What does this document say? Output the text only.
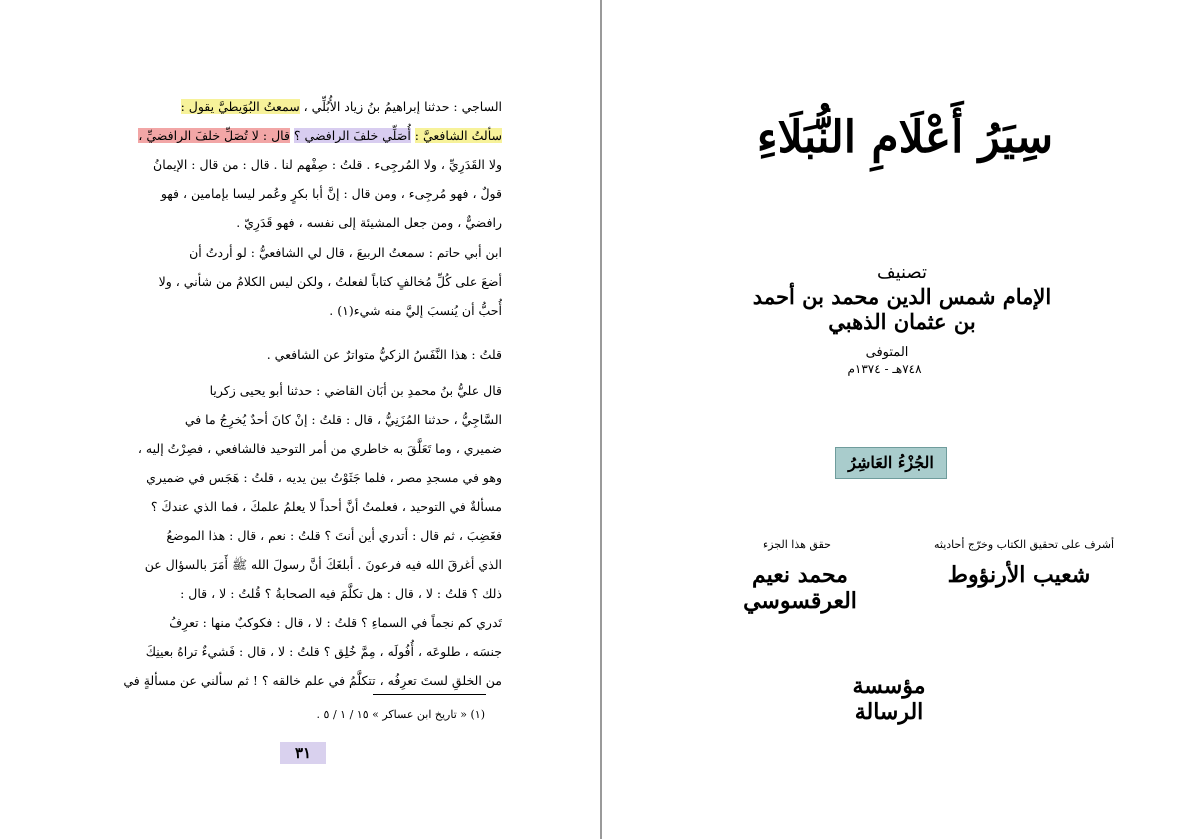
الساجي : حدثنا إبراهيمُ بنُ زياد الأُبُلِّي ، سمعتُ البُوَيطيَّ يقول :
سألتُ الشافعيَّ : أُصَلِّي خلفَ الرافضي ؟ قال : لا تُصَلِّ خلفَ الرافضيِّ ،
ولا القَدَرِيِّ ، ولا المُرجِىء . قلتُ : صِفْهم لنا . قال : من قال : الإيمانُ
قولٌ ، فهو مُرجِىء ، ومن قال : إنَّ أبا بكرٍ وعُمر ليسا بإمامين ، فهو
رافضيٌّ ، ومن جعل المشيئة إلى نفسه ، فهو قَدَرِيّ .
ابن أبي حاتم : سمعتُ الربيعَ ، قال لي الشافعيُّ : لو أردتُ أن
أضعَ على كُلِّ مُخالفٍ كتاباً لفعلتُ ، ولكن ليس الكلامُ من شأني ، ولا
أُحبُّ أن يُنسبَ إليَّ منه شيء(١) .
قلتُ : هذا النَّفَسُ الزكيُّ متواترٌ عن الشافعي .
قال عليُّ بنُ محمدِ بن أبَان القاضي : حدثنا أبو يحيى زكريا
السَّاجِيُّ ، حدثنا المُزَنِيُّ ، قال : قلتُ : إنْ كانَ أحدٌ يُخرِجُ ما في
ضميري ، وما تَعَلَّقَ به خاطري من أمر التوحيد فالشافعي ، فصِرْتُ إليه ،
وهو في مسجدِ مصر ، فلما جَثَوْتُ بين يديه ، قلتُ : هَجَس في ضميري
مسألةٌ في التوحيد ، فعلمتُ أنَّ أحداً لا يعلمُ علمكَ ، فما الذي عندكَ ؟
فغَضِبَ ، ثم قال : أتدري أين أنتَ ؟ قلتُ : نعم ، قال : هذا الموضعُ
الذي أغرقَ الله فيه فرعونَ . أبلغَكَ أنَّ رسولَ الله ﷺ أَمَرَ بالسؤال عن
ذلك ؟ قلتُ : لا ، قال : هل تكلَّمَ فيه الصحابةُ ؟ قُلتُ : لا ، قال :
تَدري كم نجماً في السماءِ ؟ قلتُ : لا ، قال : فكوكبٌ منها : تعرِفُ
جنسَه ، طلوعَه ، أُفُولَه ، مِمَّ خُلِق ؟ قلتُ : لا ، قال : فَشيءٌ تراهُ بعينِكَ
من الخلقِ لستَ تعرِفُه ، تتكلَّمُ في علم خالقه ؟ ! ثم سألني عن مسألةٍ في
(١) « تاريخ ابن عساكر » ١٥ / ١ / ٥ .
٣١
سِيَرُ أَعْلَامِ النُّبَلَاءِ
تصنيف
الإمام شمس الدين محمد بن أحمد بن عثمان الذهبي
المتوفى
٧٤٨هـ - ١٣٧٤م
الجُزْءُ العَاشِرُ
أشرف على تحقيق الكتاب وخرّج أحاديثه
شعيب الأرنؤوط
حقق هذا الجزء
محمد نعيم العرقسوسي
مؤسسة الرسالة
